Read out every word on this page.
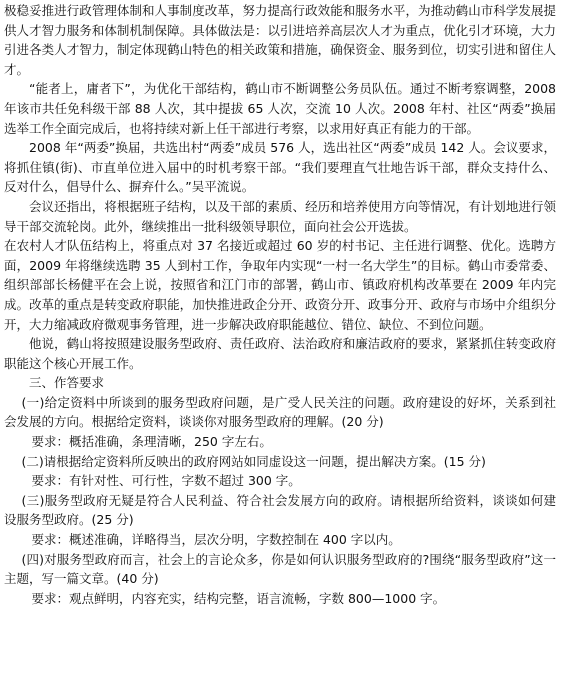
极稳妥推进行政管理体制和人事制度改革，努力提高行政效能和服务水平，为推动鹤山市科学发展提供人才智力服务和体制机制保障。具体做法是：以引进培养高层次人才为重点，优化引才环境，大力引进各类人才智力，制定体现鹤山特色的相关政策和措施，确保资金、服务到位，切实引进和留住人才。

“能者上，庸者下”，为优化干部结构，鹤山市不断调整公务员队伍。通过不断考察调整，2008 年该市共任免科级干部 88 人次，其中提拔 65 人次，交流 10 人次。2008 年村、社区“两委”换届选举工作全面完成后，也将持续对新上任干部进行考察，以求用好真正有能力的干部。

2008 年“两委”换届，共选出村“两委”成员 576 人，选出社区“两委”成员 142 人。会议要求，将抓住镇(街)、市直单位进入届中的时机考察干部。“我们要理直气壮地告诉干部，群众支持什么、反对什么，倡导什么、摒弃什么。”吴平流说。

会议还指出，将根据班子结构，以及干部的素质、经历和培养使用方向等情况，有计划地进行领导干部交流轮岗。此外，继续推出一批科级领导职位，面向社会公开选拔。

在农村人才队伍结构上，将重点对 37 名接近或超过 60 岁的村书记、主任进行调整、优化。选聘方面，2009 年将继续选聘 35 人到村工作，争取年内实现“一村一名大学生”的目标。鹤山市委常委、组织部部长杨健平在会上说，按照省和江门市的部署，鹤山市、镇政府机构改革要在 2009 年内完成。改革的重点是转变政府职能，加快推进政企分开、政资分开、政事分开、政府与市场中介组织分开，大力缩减政府微观事务管理，进一步解决政府职能越位、错位、缺位、不到位问题。

他说，鹤山将按照建设服务型政府、责任政府、法治政府和廉洁政府的要求，紧紧抓住转变政府职能这个核心开展工作。

三、作答要求

(一)给定资料中所谈到的服务型政府问题，是广受人民关注的问题。政府建设的好坏，关系到社会发展的方向。根据给定资料，谈谈你对服务型政府的理解。(20 分)

要求：概括准确，条理清晰，250 字左右。

(二)请根据给定资料所反映出的政府网站如同虚设这一问题，提出解决方案。(15 分)

要求：有针对性、可行性，字数不超过 300 字。

(三)服务型政府无疑是符合人民利益、符合社会发展方向的政府。请根据所给资料，谈谈如何建设服务型政府。(25 分)

要求：概述准确，详略得当，层次分明，字数控制在 400 字以内。

(四)对服务型政府而言，社会上的言论众多，你是如何认识服务型政府的?围绕“服务型政府”这一主题，写一篇文章。(40 分)

要求：观点鲜明，内容充实，结构完整，语言流畅，字数 800—1000 字。
